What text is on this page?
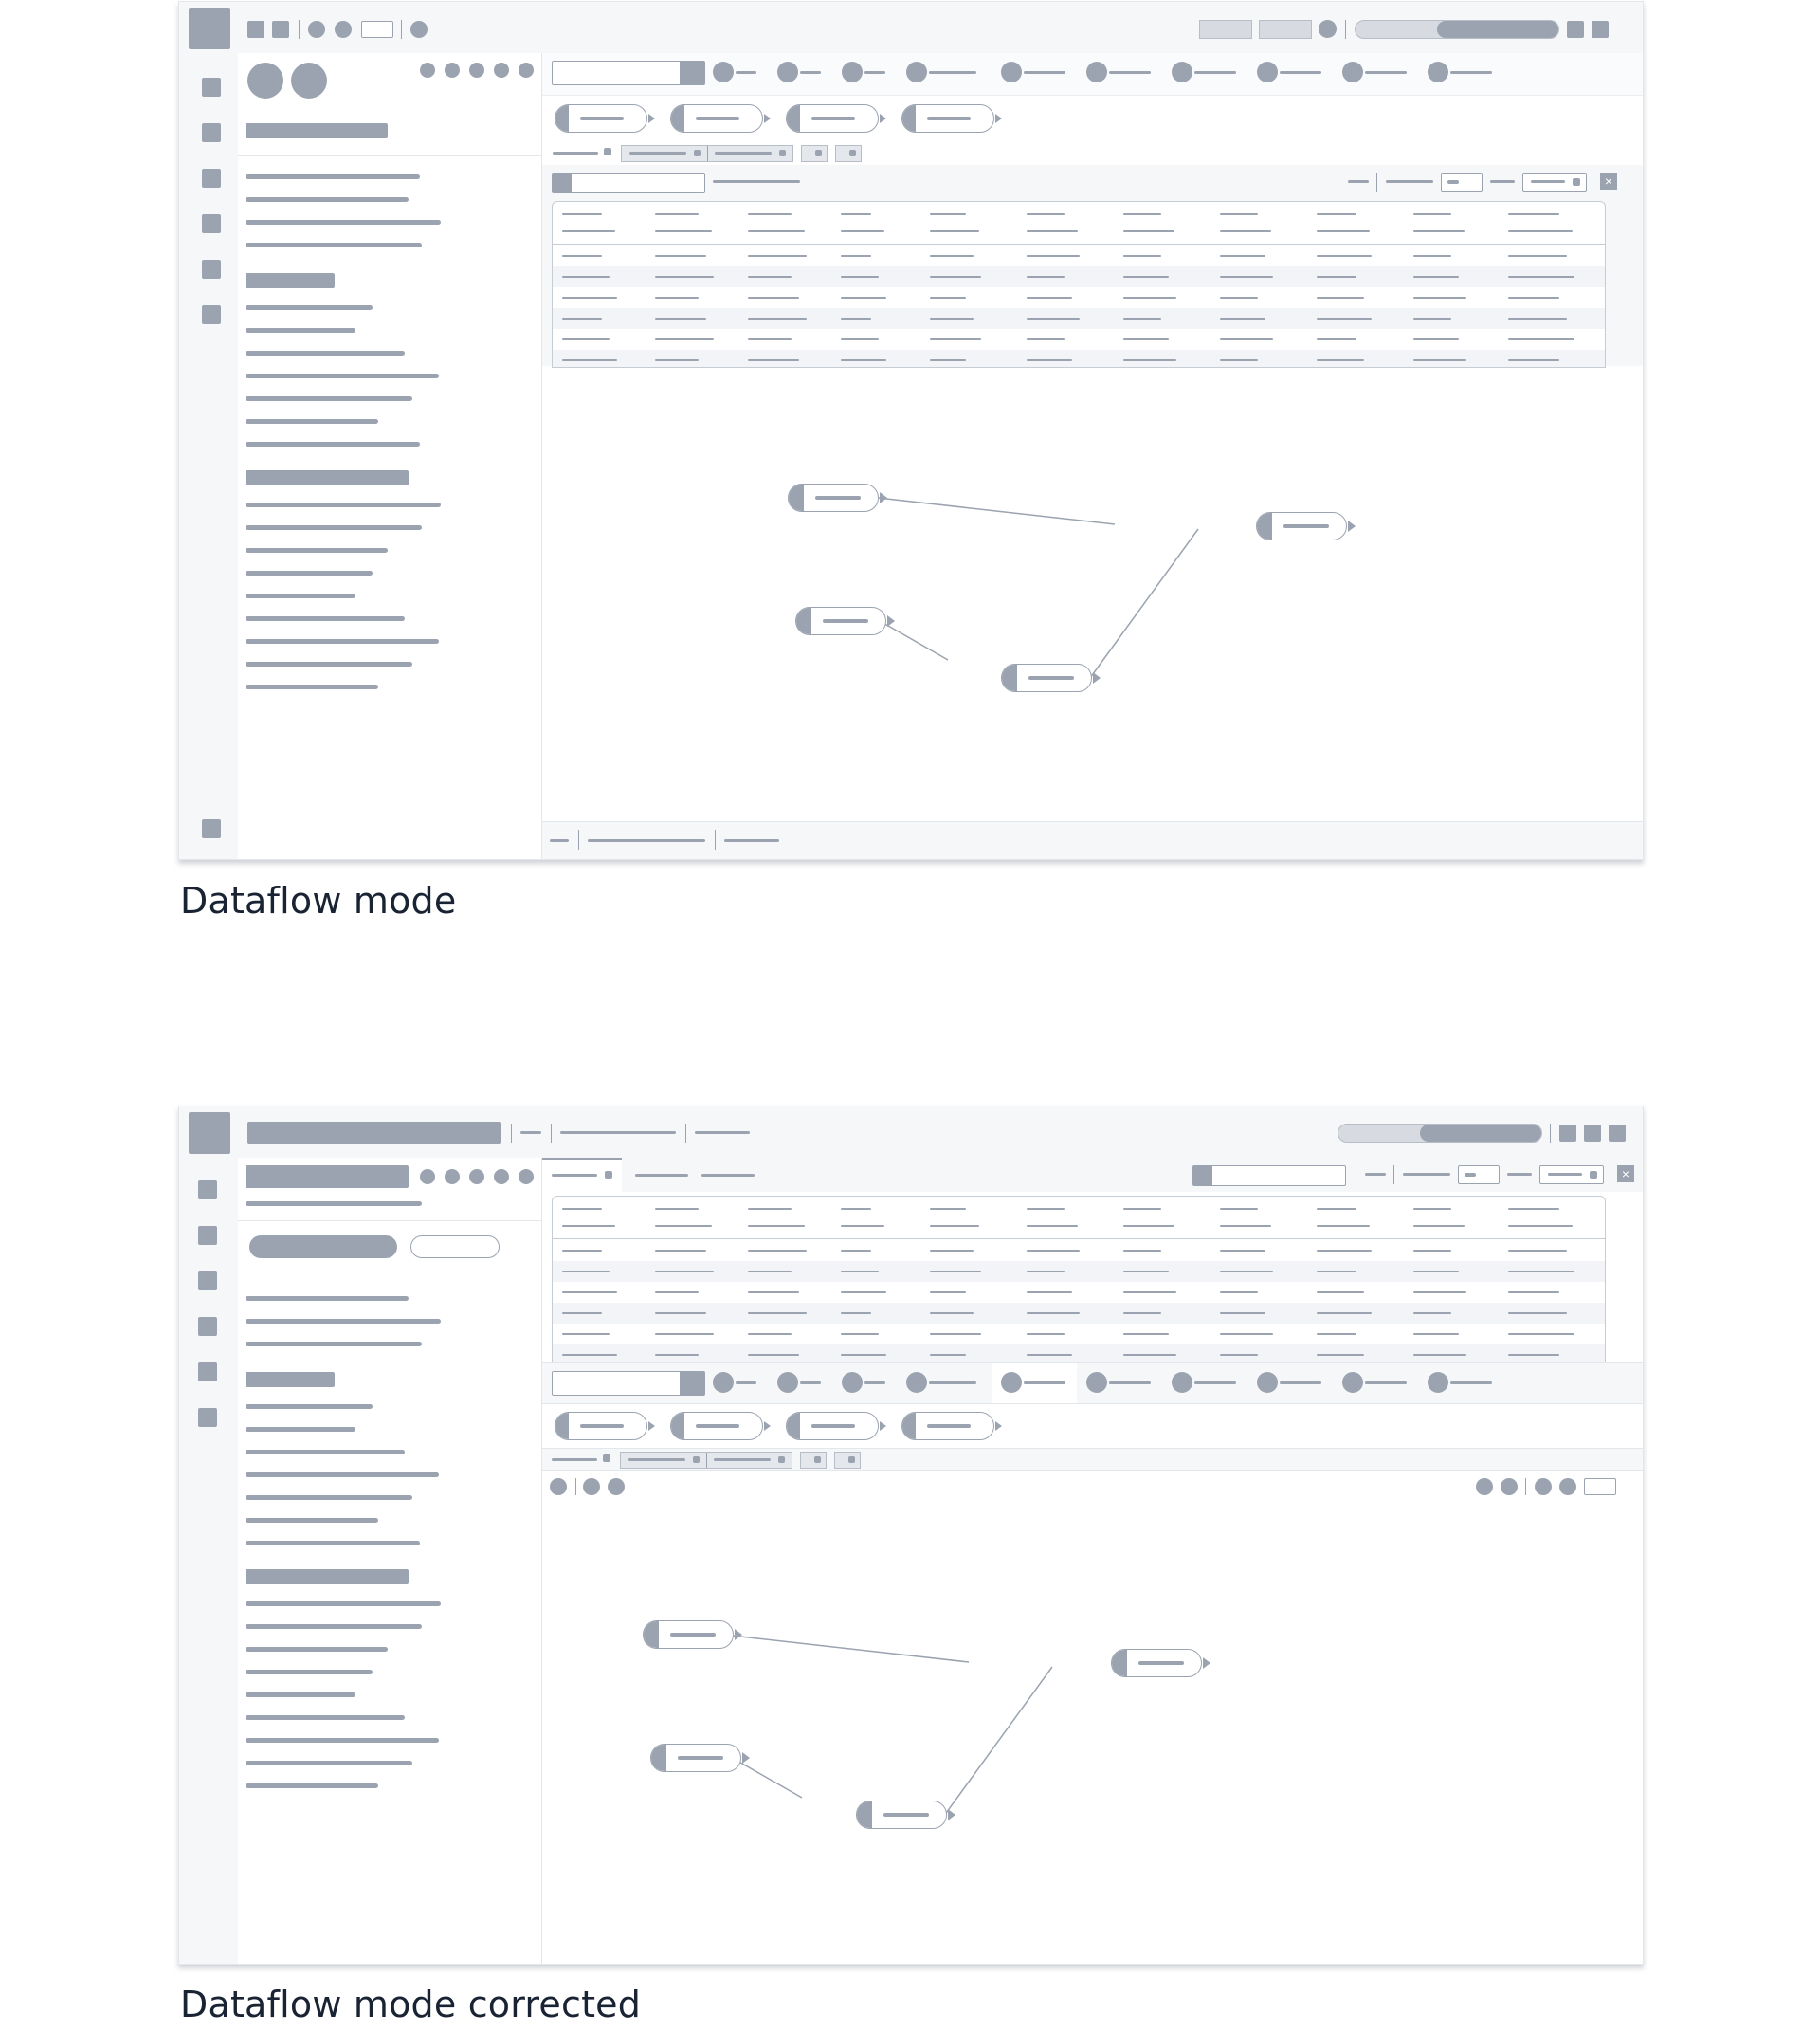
×
Dataflow mode
×
Dataflow mode corrected
